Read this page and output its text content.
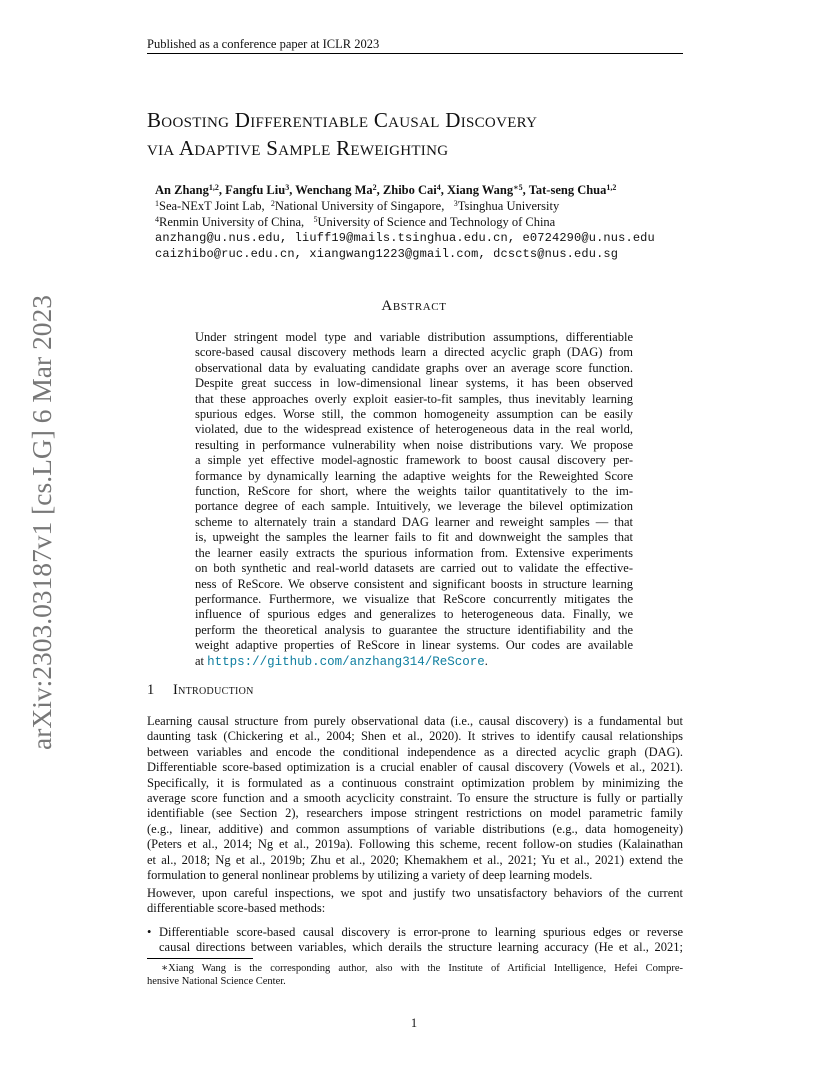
Published as a conference paper at ICLR 2023
arXiv:2303.03187v1 [cs.LG] 6 Mar 2023
Boosting Differentiable Causal Discovery
via Adaptive Sample Reweighting
An Zhang$^{1,2}$, Fangfu Liu$^3$, Wenchang Ma$^2$, Zhibo Cai$^4$, Xiang Wang$^{∗5}$, Tat-seng Chua$^{1,2}$
$^1$Sea-NExT Joint Lab, $^2$National University of Singapore, $^3$Tsinghua University
$^4$Renmin University of China, $^5$University of Science and Technology of China
anzhang@u.nus.edu, liuff19@mails.tsinghua.edu.cn, e0724290@u.nus.edu
caizhibo@ruc.edu.cn, xiangwang1223@gmail.com, dcscts@nus.edu.sg
Abstract
Under stringent model type and variable distribution assumptions, differentiable
score-based causal discovery methods learn a directed acyclic graph (DAG) from
observational data by evaluating candidate graphs over an average score function.
Despite great success in low-dimensional linear systems, it has been observed
that these approaches overly exploit easier-to-fit samples, thus inevitably learning
spurious edges. Worse still, the common homogeneity assumption can be easily
violated, due to the widespread existence of heterogeneous data in the real world,
resulting in performance vulnerability when noise distributions vary. We propose
a simple yet effective model-agnostic framework to boost causal discovery per-
formance by dynamically learning the adaptive weights for the Reweighted Score
function, ReScore for short, where the weights tailor quantitatively to the im-
portance degree of each sample. Intuitively, we leverage the bilevel optimization
scheme to alternately train a standard DAG learner and reweight samples — that
is, upweight the samples the learner fails to fit and downweight the samples that
the learner easily extracts the spurious information from. Extensive experiments
on both synthetic and real-world datasets are carried out to validate the effective-
ness of ReScore. We observe consistent and significant boosts in structure learning
performance. Furthermore, we visualize that ReScore concurrently mitigates the
influence of spurious edges and generalizes to heterogeneous data. Finally, we
perform the theoretical analysis to guarantee the structure identifiability and the
weight adaptive properties of ReScore in linear systems. Our codes are available
at https://github.com/anzhang314/ReScore.
1 Introduction
Learning causal structure from purely observational data (i.e., causal discovery) is a fundamental but
daunting task (Chickering et al., 2004; Shen et al., 2020). It strives to identify causal relationships
between variables and encode the conditional independence as a directed acyclic graph (DAG).
Differentiable score-based optimization is a crucial enabler of causal discovery (Vowels et al., 2021).
Specifically, it is formulated as a continuous constraint optimization problem by minimizing the
average score function and a smooth acyclicity constraint. To ensure the structure is fully or partially
identifiable (see Section 2), researchers impose stringent restrictions on model parametric family
(e.g., linear, additive) and common assumptions of variable distributions (e.g., data homogeneity)
(Peters et al., 2014; Ng et al., 2019a). Following this scheme, recent follow-on studies (Kalainathan
et al., 2018; Ng et al., 2019b; Zhu et al., 2020; Khemakhem et al., 2021; Yu et al., 2021) extend the
formulation to general nonlinear problems by utilizing a variety of deep learning models.
However, upon careful inspections, we spot and justify two unsatisfactory behaviors of the current
differentiable score-based methods:
• Differentiable score-based causal discovery is error-prone to learning spurious edges or reverse
causal directions between variables, which derails the structure learning accuracy (He et al., 2021;
∗Xiang Wang is the corresponding author, also with the Institute of Artificial Intelligence, Hefei Compre-
hensive National Science Center.
1
